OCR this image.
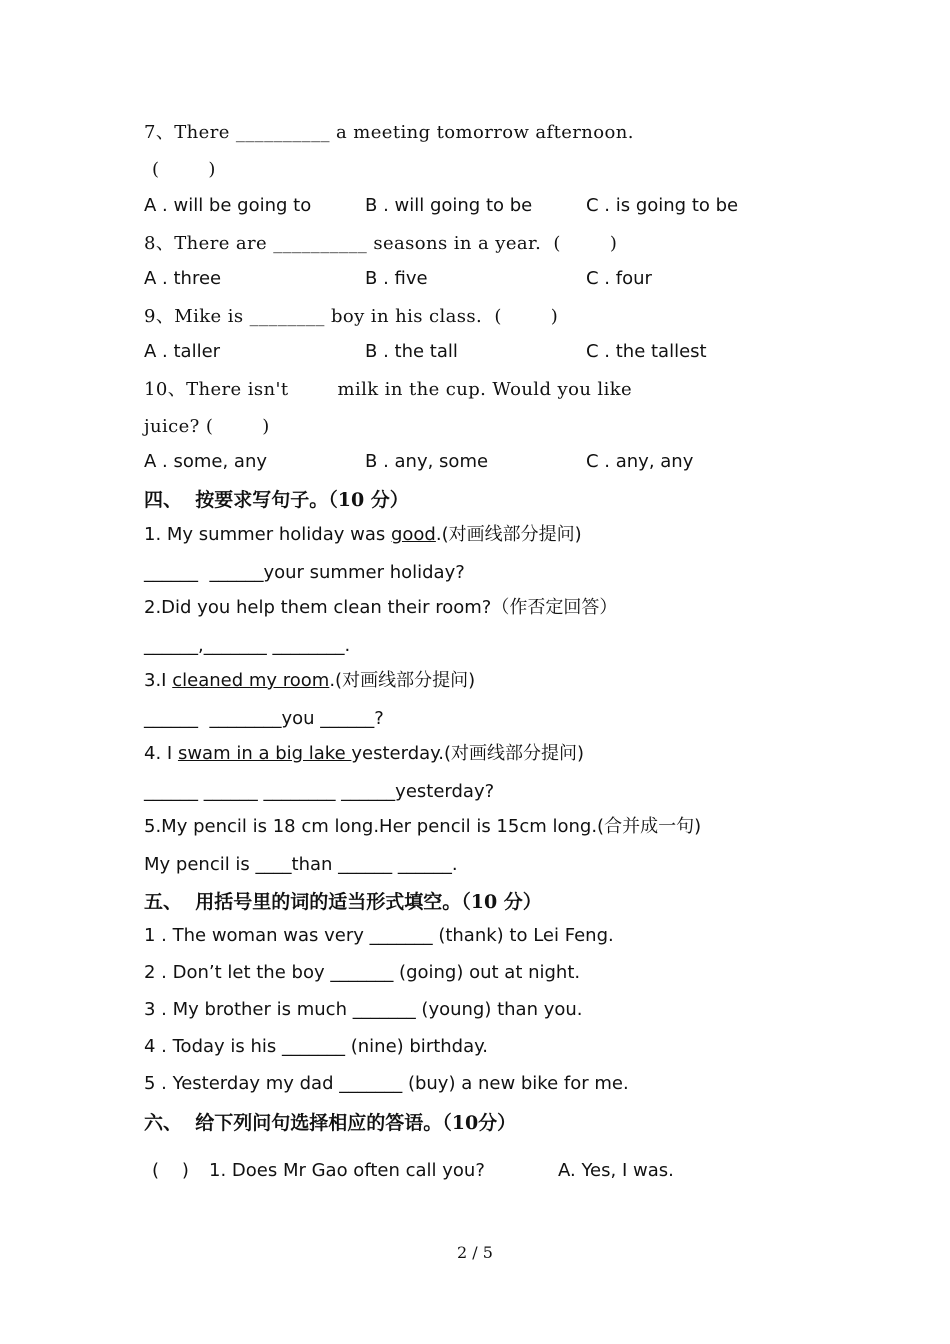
7、There __________ a meeting tomorrow afternoon.
(        )
A . will be going to	B . will going to be	C . is going to be
8、There are __________ seasons in a year.  (        )
A . three	B . five	C . four
9、Mike is ________ boy in his class.  (        )
A . taller	B . the tall	C . the tallest
10、There isn't        milk in the cup. Would you like
juice? (        )
A . some, any	B . any, some	C . any, any
四、  按要求写句子。（10 分）
1. My summer holiday was good.(对画线部分提问)
______  ______your summer holiday?
2.Did you help them clean their room?（作否定回答）
______,_______ ________.
3.I cleaned my room.(对画线部分提问)
______  ________you ______?
4. I swam in a big lake yesterday.(对画线部分提问)
______ ______ ________ ______yesterday?
5.My pencil is 18 cm long.Her pencil is 15cm long.(合并成一句)
My pencil is ____than ______ ______.
五、  用括号里的词的适当形式填空。（10 分）
1 . The woman was very _______ (thank) to Lei Feng.
2 . Don’t let the boy _______ (going) out at night.
3 . My brother is much _______ (young) than you.
4 . Today is his _______ (nine) birthday.
5 . Yesterday my dad _______ (buy) a new bike for me.
六、  给下列问句选择相应的答语。（10分）
(    ) 1. Does Mr Gao often call you?	A. Yes, I was.
2 / 5
